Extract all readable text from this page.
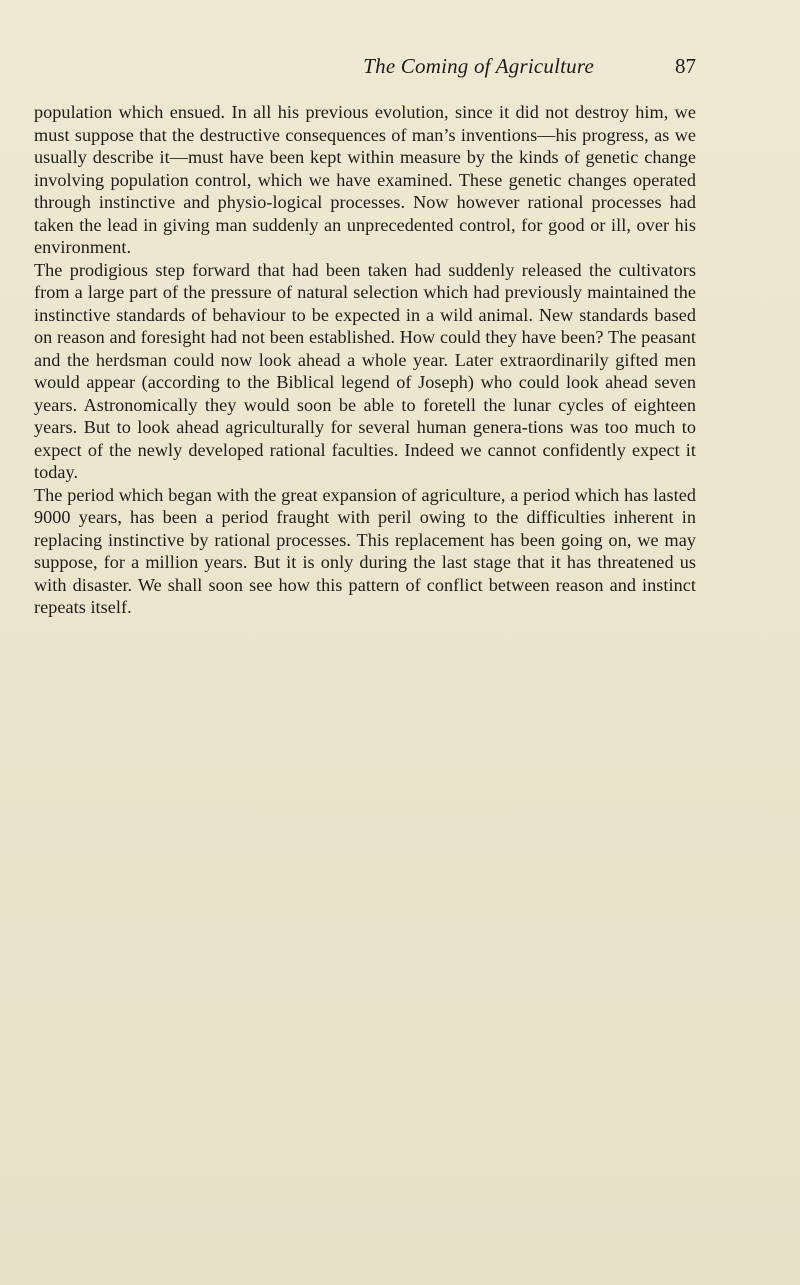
The Coming of Agriculture	87

population which ensued. In all his previous evolution, since it did not destroy him, we must suppose that the destructive consequences of man’s inventions—his progress, as we usually describe it—must have been kept within measure by the kinds of genetic change involving population control, which we have examined. These genetic changes operated through instinctive and physio-logical processes. Now however rational processes had taken the lead in giving man suddenly an unprecedented control, for good or ill, over his environment.

The prodigious step forward that had been taken had suddenly released the cultivators from a large part of the pressure of natural selection which had previously maintained the instinctive standards of behaviour to be expected in a wild animal. New standards based on reason and foresight had not been established. How could they have been? The peasant and the herdsman could now look ahead a whole year. Later extraordinarily gifted men would appear (according to the Biblical legend of Joseph) who could look ahead seven years. Astronomically they would soon be able to foretell the lunar cycles of eighteen years. But to look ahead agriculturally for several human genera-tions was too much to expect of the newly developed rational faculties. Indeed we cannot confidently expect it today.

The period which began with the great expansion of agriculture, a period which has lasted 9000 years, has been a period fraught with peril owing to the difficulties inherent in replacing instinctive by rational processes. This replacement has been going on, we may suppose, for a million years. But it is only during the last stage that it has threatened us with disaster. We shall soon see how this pattern of conflict between reason and instinct repeats itself.
